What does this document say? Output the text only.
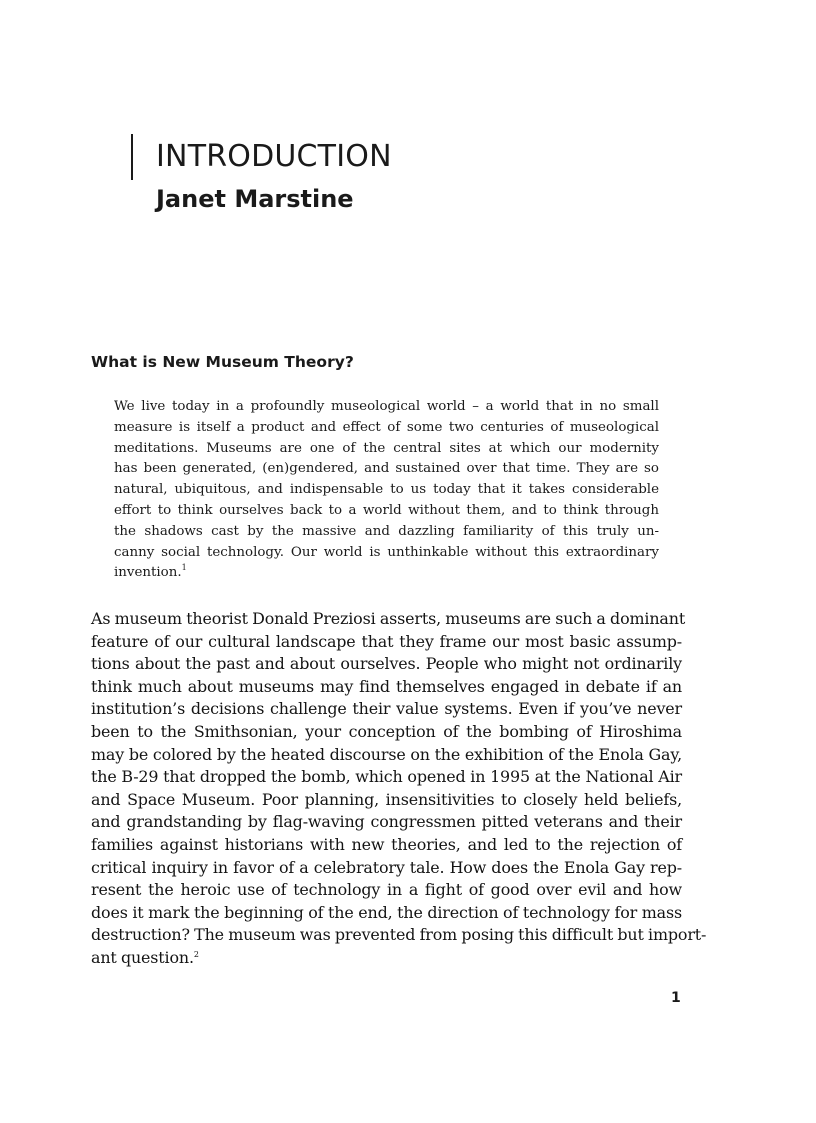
INTRODUCTION
Janet Marstine
What is New Museum Theory?
We live today in a profoundly museological world – a world that in no small
measure is itself a product and effect of some two centuries of museological
meditations. Museums are one of the central sites at which our modernity
has been generated, (en)gendered, and sustained over that time. They are so
natural, ubiquitous, and indispensable to us today that it takes considerable
effort to think ourselves back to a world without them, and to think through
the shadows cast by the massive and dazzling familiarity of this truly un-
canny social technology. Our world is unthinkable without this extraordinary
invention.$^1$
As museum theorist Donald Preziosi asserts, museums are such a dominant
feature of our cultural landscape that they frame our most basic assump-
tions about the past and about ourselves. People who might not ordinarily
think much about museums may find themselves engaged in debate if an
institution’s decisions challenge their value systems. Even if you’ve never
been to the Smithsonian, your conception of the bombing of Hiroshima
may be colored by the heated discourse on the exhibition of the Enola Gay,
the B-29 that dropped the bomb, which opened in 1995 at the National Air
and Space Museum. Poor planning, insensitivities to closely held beliefs,
and grandstanding by flag-waving congressmen pitted veterans and their
families against historians with new theories, and led to the rejection of
critical inquiry in favor of a celebratory tale. How does the Enola Gay rep-
resent the heroic use of technology in a fight of good over evil and how
does it mark the beginning of the end, the direction of technology for mass
destruction? The museum was prevented from posing this difficult but import-
ant question.$^2$
1
